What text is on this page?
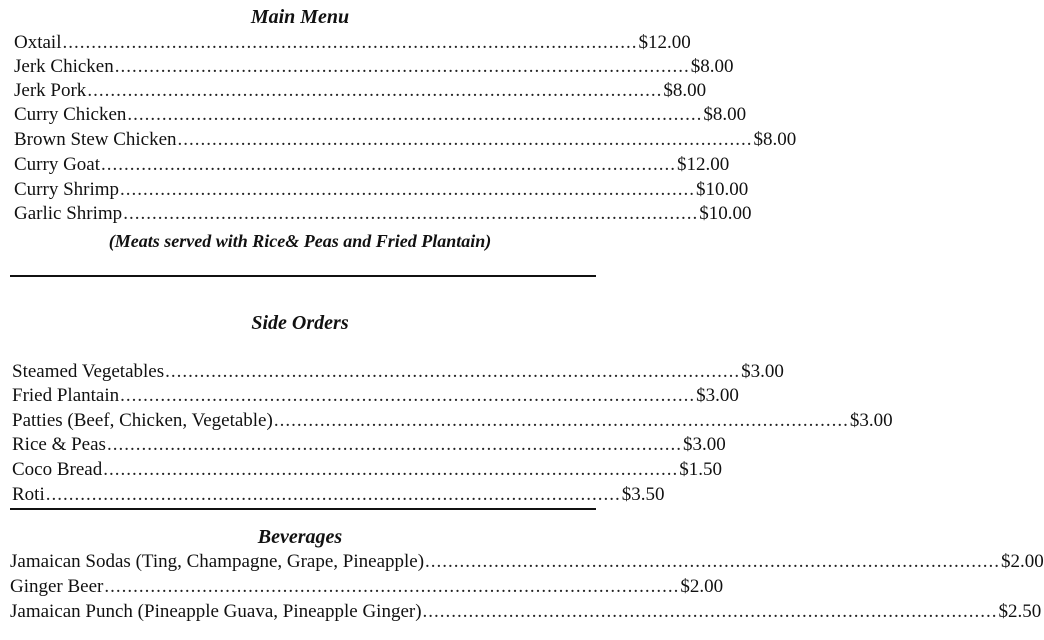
Main Menu
Oxtail .................................................................................................... $12.00
Jerk Chicken .................................................................................................... $8.00
Jerk Pork .................................................................................................... $8.00
Curry Chicken .................................................................................................... $8.00
Brown Stew Chicken .................................................................................................... $8.00
Curry Goat .................................................................................................... $12.00
Curry Shrimp .................................................................................................... $10.00
Garlic Shrimp .................................................................................................... $10.00
(Meats served with Rice& Peas and Fried Plantain)
Side Orders
Steamed Vegetables .................................................................................................... $3.00
Fried Plantain .................................................................................................... $3.00
Patties (Beef, Chicken, Vegetable) .................................................................................................... $3.00
Rice & Peas .................................................................................................... $3.00
Coco Bread .................................................................................................... $1.50
Roti .................................................................................................... $3.50
Beverages
Jamaican Sodas (Ting, Champagne, Grape, Pineapple) .................................................................................................... $2.00
Ginger Beer .................................................................................................... $2.00
Jamaican Punch (Pineapple Guava, Pineapple Ginger) .................................................................................................... $2.50
